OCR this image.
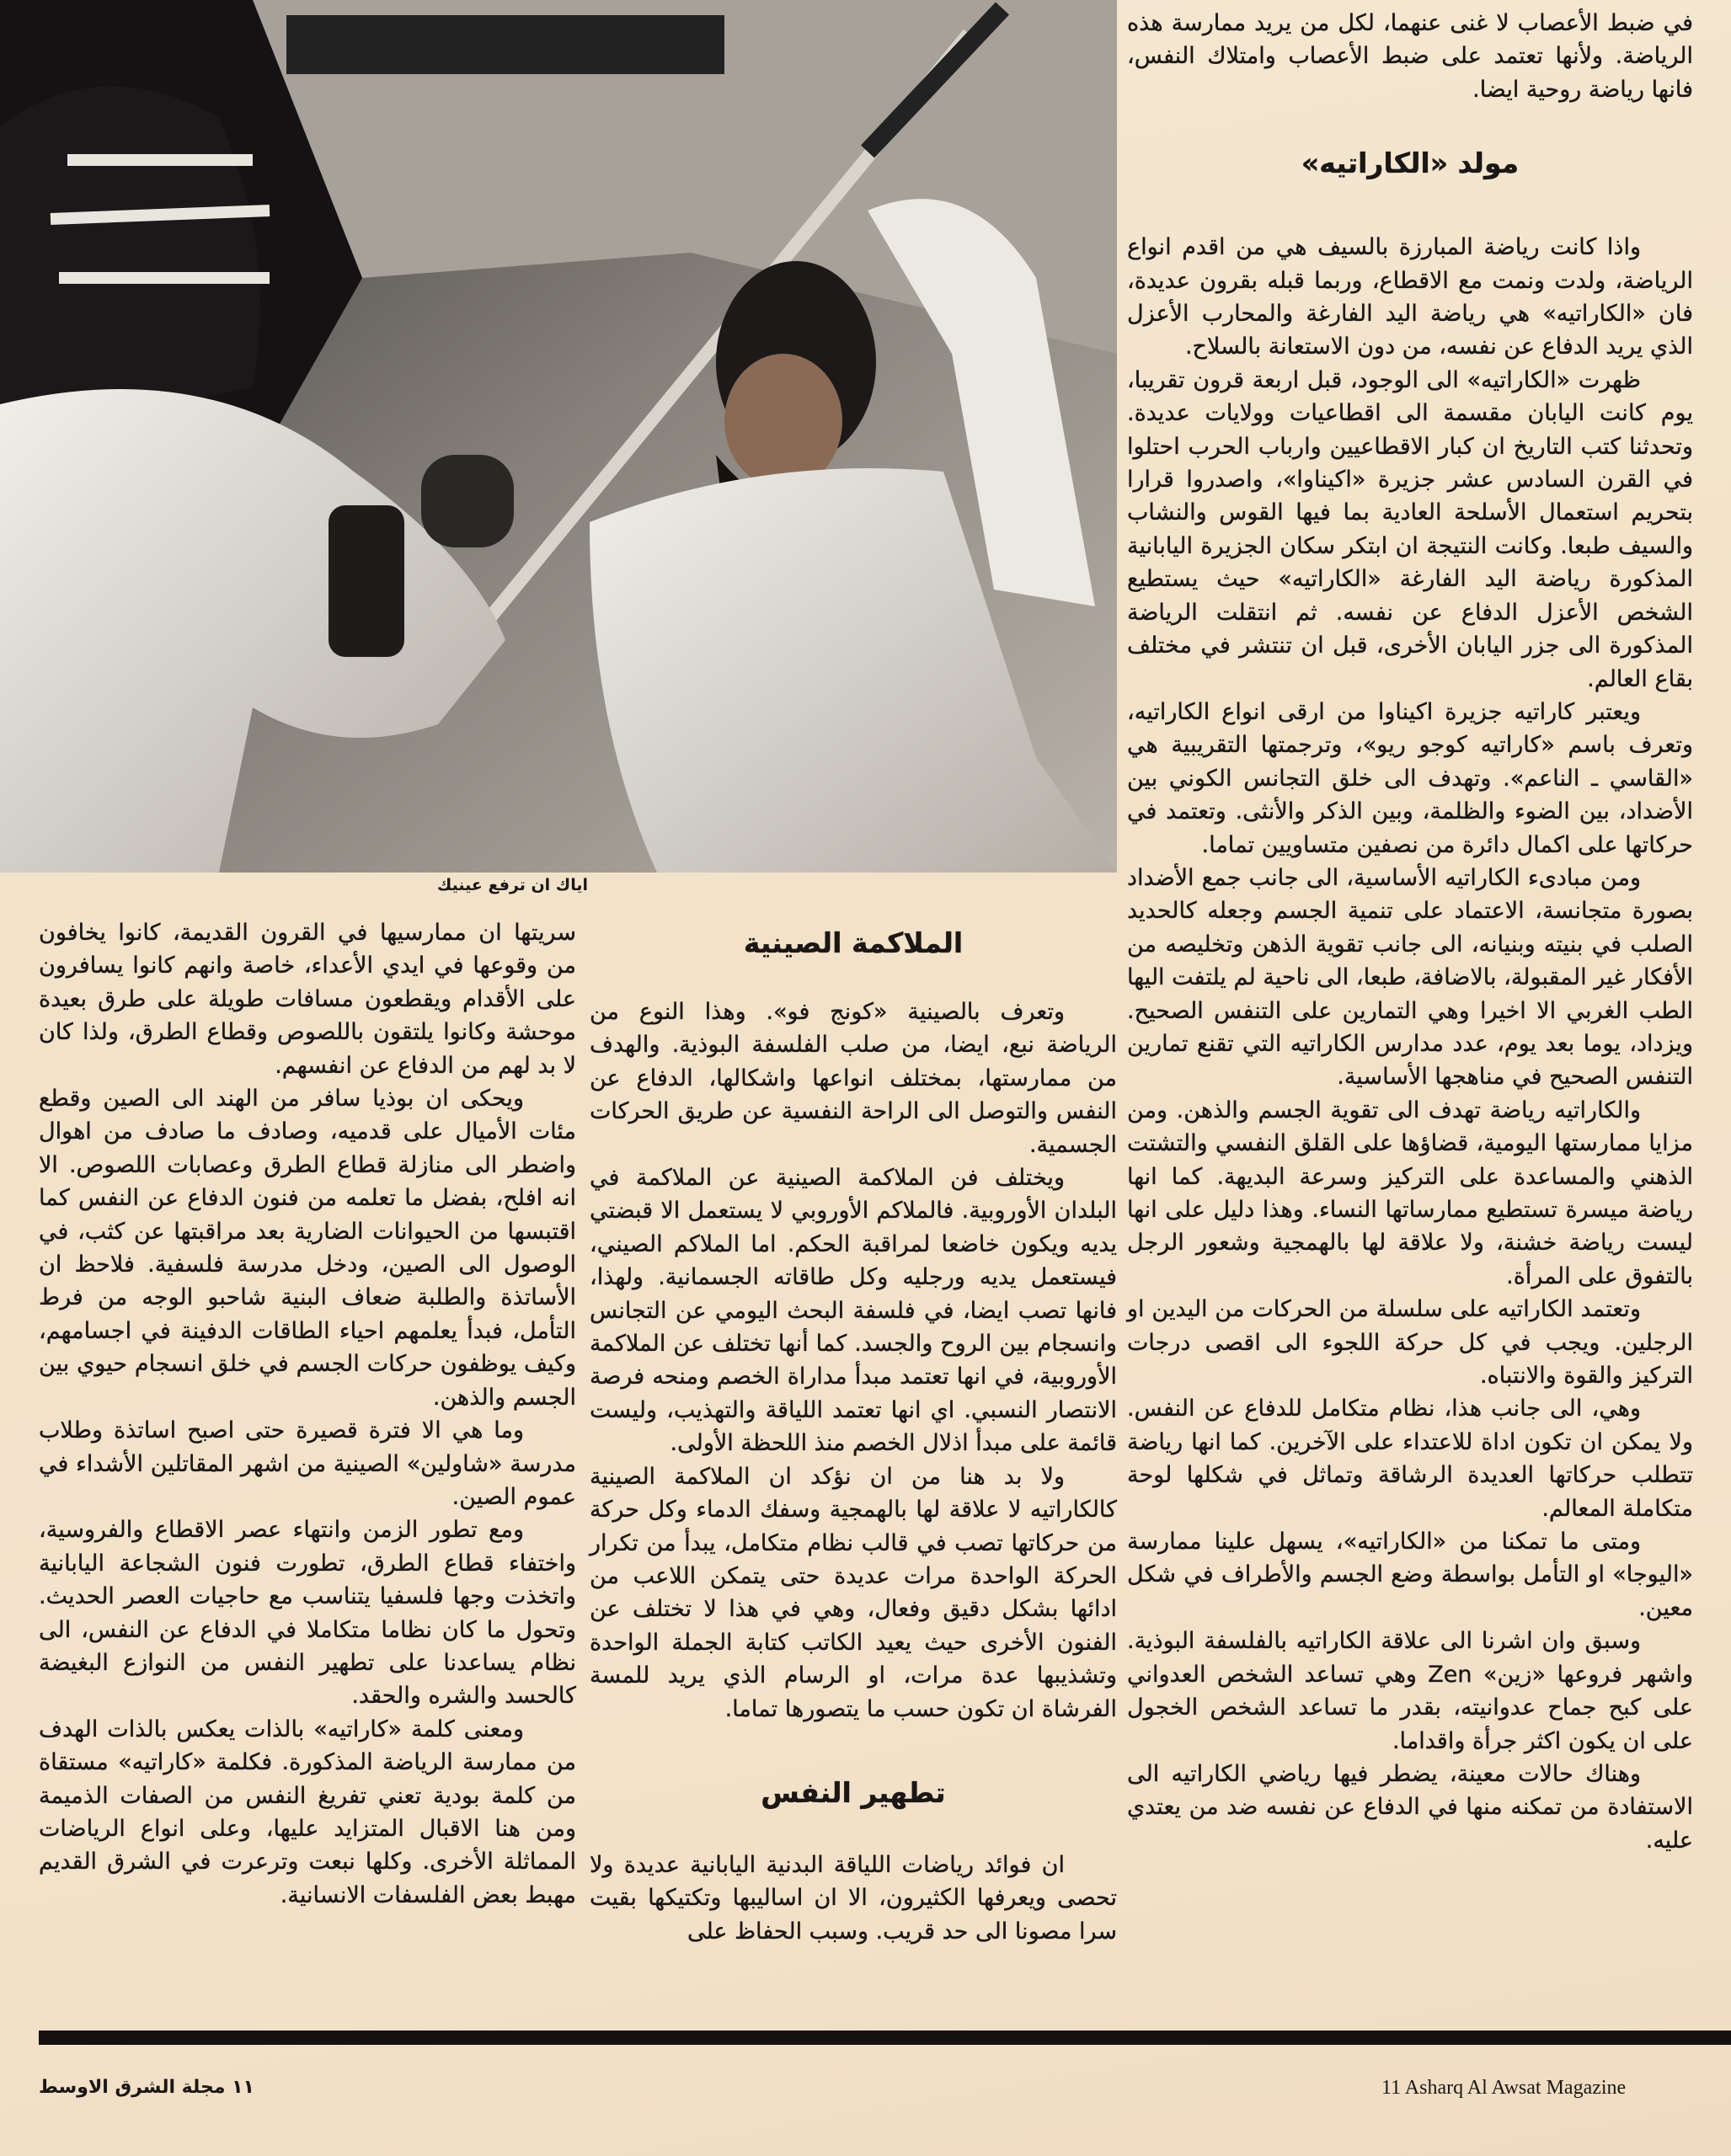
اياك ان ترفع عينيك

في ضبط الأعصاب لا غنى عنهما، لكل من يريد ممارسة هذه الرياضة. ولأنها تعتمد على ضبط الأعصاب وامتلاك النفس، فانها رياضة روحية ايضا.

مولد «الكاراتيه»

واذا كانت رياضة المبارزة بالسيف هي من اقدم انواع الرياضة، ولدت ونمت مع الاقطاع، وربما قبله بقرون عديدة، فان «الكاراتيه» هي رياضة اليد الفارغة والمحارب الأعزل الذي يريد الدفاع عن نفسه، من دون الاستعانة بالسلاح.

ظهرت «الكاراتيه» الى الوجود، قبل اربعة قرون تقريبا، يوم كانت اليابان مقسمة الى اقطاعيات وولايات عديدة. وتحدثنا كتب التاريخ ان كبار الاقطاعيين وارباب الحرب احتلوا في القرن السادس عشر جزيرة «اكيناوا»، واصدروا قرارا بتحريم استعمال الأسلحة العادية بما فيها القوس والنشاب والسيف طبعا. وكانت النتيجة ان ابتكر سكان الجزيرة اليابانية المذكورة رياضة اليد الفارغة «الكاراتيه» حيث يستطيع الشخص الأعزل الدفاع عن نفسه. ثم انتقلت الرياضة المذكورة الى جزر اليابان الأخرى، قبل ان تنتشر في مختلف بقاع العالم.

ويعتبر كاراتيه جزيرة اكيناوا من ارقى انواع الكاراتيه، وتعرف باسم «كاراتيه كوجو ريو»، وترجمتها التقريبية هي «القاسي ـ الناعم». وتهدف الى خلق التجانس الكوني بين الأضداد، بين الضوء والظلمة، وبين الذكر والأنثى. وتعتمد في حركاتها على اكمال دائرة من نصفين متساويين تماما.

ومن مبادىء الكاراتيه الأساسية، الى جانب جمع الأضداد بصورة متجانسة، الاعتماد على تنمية الجسم وجعله كالحديد الصلب في بنيته وبنيانه، الى جانب تقوية الذهن وتخليصه من الأفكار غير المقبولة، بالاضافة، طبعا، الى ناحية لم يلتفت اليها الطب الغربي الا اخيرا وهي التمارين على التنفس الصحيح. ويزداد، يوما بعد يوم، عدد مدارس الكاراتيه التي تقنع تمارين التنفس الصحيح في مناهجها الأساسية.

والكاراتيه رياضة تهدف الى تقوية الجسم والذهن. ومن مزايا ممارستها اليومية، قضاؤها على القلق النفسي والتشتت الذهني والمساعدة على التركيز وسرعة البديهة. كما انها رياضة ميسرة تستطيع ممارساتها النساء. وهذا دليل على انها ليست رياضة خشنة، ولا علاقة لها بالهمجية وشعور الرجل بالتفوق على المرأة.

وتعتمد الكاراتيه على سلسلة من الحركات من اليدين او الرجلين. ويجب في كل حركة اللجوء الى اقصى درجات التركيز والقوة والانتباه.

وهي، الى جانب هذا، نظام متكامل للدفاع عن النفس. ولا يمكن ان تكون اداة للاعتداء على الآخرين. كما انها رياضة تتطلب حركاتها العديدة الرشاقة وتماثل في شكلها لوحة متكاملة المعالم.

ومتى ما تمكنا من «الكاراتيه»، يسهل علينا ممارسة «اليوجا» او التأمل بواسطة وضع الجسم والأطراف في شكل معين.

وسبق وان اشرنا الى علاقة الكاراتيه بالفلسفة البوذية. واشهر فروعها «زين» Zen وهي تساعد الشخص العدواني على كبح جماح عدوانيته، بقدر ما تساعد الشخص الخجول على ان يكون اكثر جرأة واقداما.

وهناك حالات معينة، يضطر فيها رياضي الكاراتيه الى الاستفادة من تمكنه منها في الدفاع عن نفسه ضد من يعتدي عليه.

الملاكمة الصينية

وتعرف بالصينية «كونج فو». وهذا النوع من الرياضة نبع، ايضا، من صلب الفلسفة البوذية. والهدف من ممارستها، بمختلف انواعها واشكالها، الدفاع عن النفس والتوصل الى الراحة النفسية عن طريق الحركات الجسمية.

ويختلف فن الملاكمة الصينية عن الملاكمة في البلدان الأوروبية. فالملاكم الأوروبي لا يستعمل الا قبضتي يديه ويكون خاضعا لمراقبة الحكم. اما الملاكم الصيني، فيستعمل يديه ورجليه وكل طاقاته الجسمانية. ولهذا، فانها تصب ايضا، في فلسفة البحث اليومي عن التجانس وانسجام بين الروح والجسد. كما أنها تختلف عن الملاكمة الأوروبية، في انها تعتمد مبدأ مداراة الخصم ومنحه فرصة الانتصار النسبي. اي انها تعتمد اللياقة والتهذيب، وليست قائمة على مبدأ اذلال الخصم منذ اللحظة الأولى.

ولا بد هنا من ان نؤكد ان الملاكمة الصينية كالكاراتيه لا علاقة لها بالهمجية وسفك الدماء وكل حركة من حركاتها تصب في قالب نظام متكامل، يبدأ من تكرار الحركة الواحدة مرات عديدة حتى يتمكن اللاعب من ادائها بشكل دقيق وفعال، وهي في هذا لا تختلف عن الفنون الأخرى حيث يعيد الكاتب كتابة الجملة الواحدة وتشذيبها عدة مرات، او الرسام الذي يريد للمسة الفرشاة ان تكون حسب ما يتصورها تماما.

تطهير النفس

ان فوائد رياضات اللياقة البدنية اليابانية عديدة ولا تحصى ويعرفها الكثيرون، الا ان اساليبها وتكتيكها بقيت سرا مصونا الى حد قريب. وسبب الحفاظ على

سريتها ان ممارسيها في القرون القديمة، كانوا يخافون من وقوعها في ايدي الأعداء، خاصة وانهم كانوا يسافرون على الأقدام ويقطعون مسافات طويلة على طرق بعيدة موحشة وكانوا يلتقون باللصوص وقطاع الطرق، ولذا كان لا بد لهم من الدفاع عن انفسهم.

ويحكى ان بوذيا سافر من الهند الى الصين وقطع مئات الأميال على قدميه، وصادف ما صادف من اهوال واضطر الى منازلة قطاع الطرق وعصابات اللصوص. الا انه افلح، بفضل ما تعلمه من فنون الدفاع عن النفس كما اقتبسها من الحيوانات الضارية بعد مراقبتها عن كثب، في الوصول الى الصين، ودخل مدرسة فلسفية. فلاحظ ان الأساتذة والطلبة ضعاف البنية شاحبو الوجه من فرط التأمل، فبدأ يعلمهم احياء الطاقات الدفينة في اجسامهم، وكيف يوظفون حركات الجسم في خلق انسجام حيوي بين الجسم والذهن.

وما هي الا فترة قصيرة حتى اصبح اساتذة وطلاب مدرسة «شاولين» الصينية من اشهر المقاتلين الأشداء في عموم الصين.

ومع تطور الزمن وانتهاء عصر الاقطاع والفروسية، واختفاء قطاع الطرق، تطورت فنون الشجاعة اليابانية واتخذت وجها فلسفيا يتناسب مع حاجيات العصر الحديث. وتحول ما كان نظاما متكاملا في الدفاع عن النفس، الى نظام يساعدنا على تطهير النفس من النوازع البغيضة كالحسد والشره والحقد.

ومعنى كلمة «كاراتيه» بالذات يعكس بالذات الهدف من ممارسة الرياضة المذكورة. فكلمة «كاراتيه» مستقاة من كلمة بودية تعني تفريغ النفس من الصفات الذميمة ومن هنا الاقبال المتزايد عليها، وعلى انواع الرياضات المماثلة الأخرى. وكلها نبعت وترعرت في الشرق القديم مهبط بعض الفلسفات الانسانية.

١١ مجلة الشرق الاوسط	11 Asharq Al Awsat Magazine
